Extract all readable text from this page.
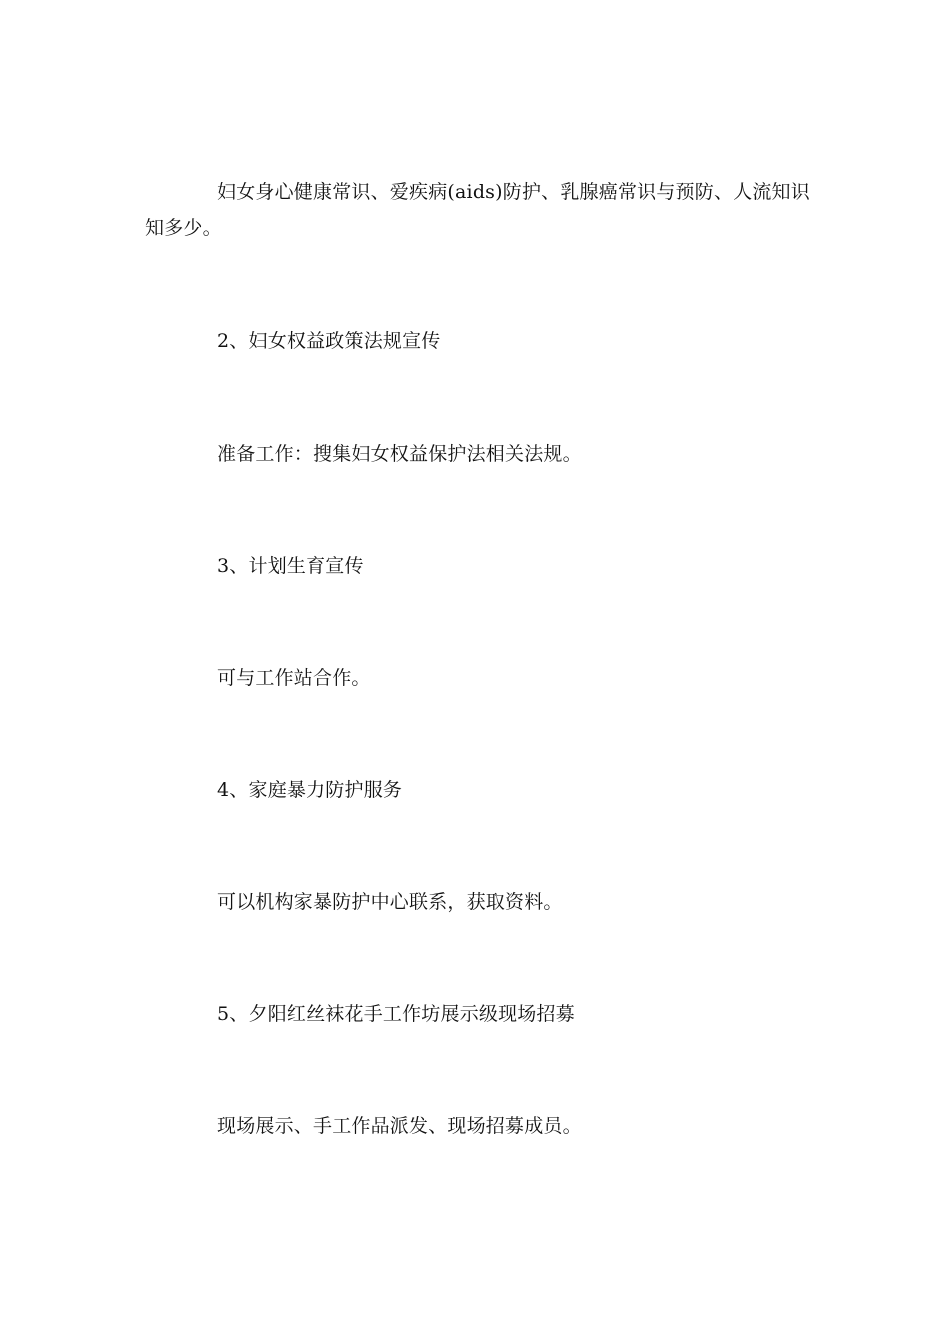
妇女身心健康常识、爱疾病(aids)防护、乳腺癌常识与预防、人流知识知多少。

2、妇女权益政策法规宣传

准备工作：搜集妇女权益保护法相关法规。

3、计划生育宣传

可与工作站合作。

4、家庭暴力防护服务

可以机构家暴防护中心联系，获取资料。

5、夕阳红丝袜花手工作坊展示级现场招募

现场展示、手工作品派发、现场招募成员。
